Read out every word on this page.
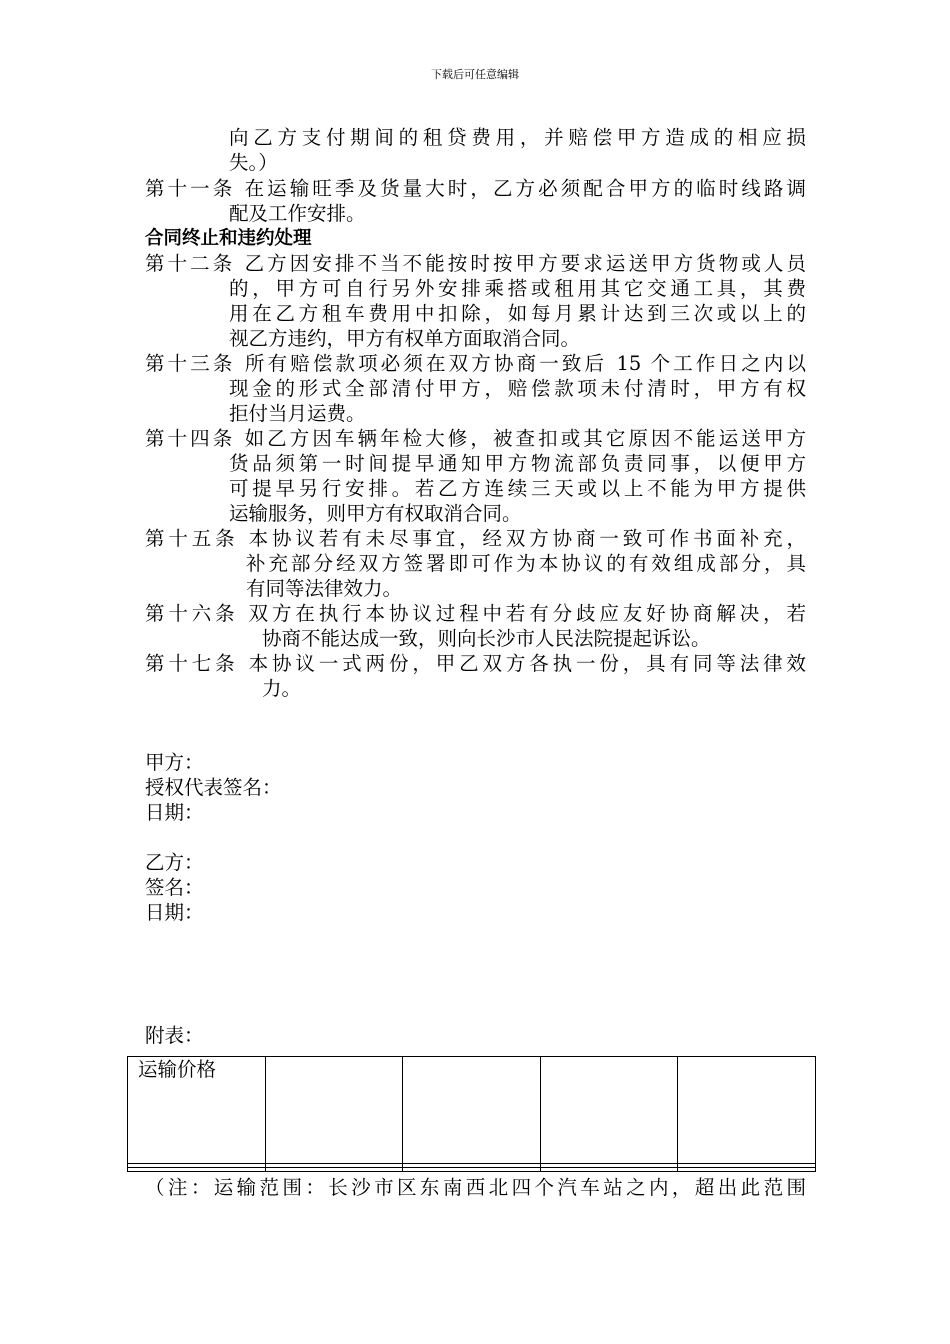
下载后可任意编辑
向乙方支付期间的租贷费用，并赔偿甲方造成的相应损
失。）
第十一条 在运输旺季及货量大时，乙方必须配合甲方的临时线路调
配及工作安排。
合同终止和违约处理
第十二条 乙方因安排不当不能按时按甲方要求运送甲方货物或人员
的，甲方可自行另外安排乘搭或租用其它交通工具，其费
用在乙方租车费用中扣除，如每月累计达到三次或以上的
视乙方违约，甲方有权单方面取消合同。
第十三条 所有赔偿款项必须在双方协商一致后 15 个工作日之内以
现金的形式全部清付甲方，赔偿款项未付清时，甲方有权
拒付当月运费。
第十四条 如乙方因车辆年检大修，被查扣或其它原因不能运送甲方
货品须第一时间提早通知甲方物流部负责同事，以便甲方
可提早另行安排。若乙方连续三天或以上不能为甲方提供
运输服务，则甲方有权取消合同。
第十五条 本协议若有未尽事宜，经双方协商一致可作书面补充，
补充部分经双方签署即可作为本协议的有效组成部分，具
有同等法律效力。
第十六条 双方在执行本协议过程中若有分歧应友好协商解决，若
协商不能达成一致，则向长沙市人民法院提起诉讼。
第十七条 本协议一式两份，甲乙双方各执一份，具有同等法律效
力。
甲方：
授权代表签名：
日期：
乙方：
签名：
日期：
附表：
运输价格				

（注：运输范围：长沙市区东南西北四个汽车站之内，超出此范围
